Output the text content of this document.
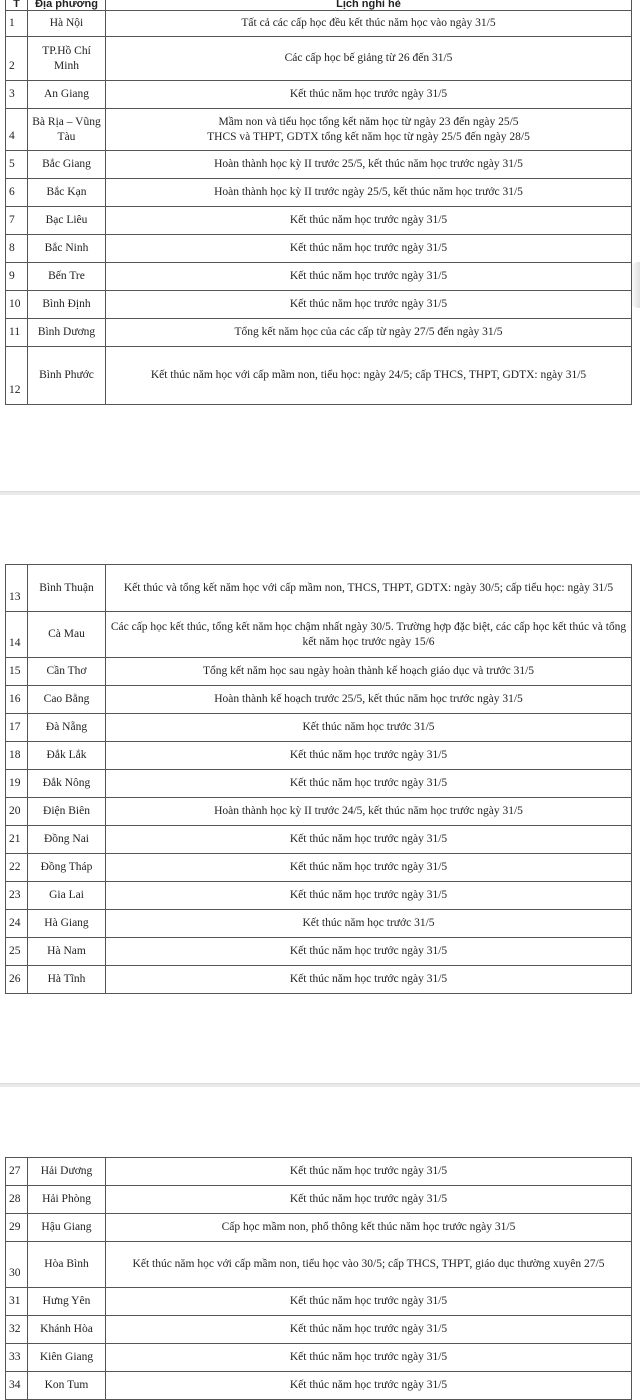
T	Địa phương	Lịch nghỉ hè
1	Hà Nội	Tất cả các cấp học đều kết thúc năm học vào ngày 31/5
2	TP.Hồ Chí Minh	Các cấp học bế giảng từ 26 đến 31/5
3	An Giang	Kết thúc năm học trước ngày 31/5
4	Bà Rịa – Vũng Tàu	Mầm non và tiểu học tổng kết năm học từ ngày 23 đến ngày 25/5
THCS và THPT, GDTX tổng kết năm học từ ngày 25/5 đến ngày 28/5
5	Bắc Giang	Hoàn thành học kỳ II trước 25/5, kết thúc năm học trước ngày 31/5
6	Bắc Kạn	Hoàn thành học kỳ II trước ngày 25/5, kết thúc năm học trước 31/5
7	Bạc Liêu	Kết thúc năm học trước ngày 31/5
8	Bắc Ninh	Kết thúc năm học trước ngày 31/5
9	Bến Tre	Kết thúc năm học trước ngày 31/5
10	Bình Định	Kết thúc năm học trước ngày 31/5
11	Bình Dương	Tổng kết năm học của các cấp từ ngày 27/5 đến ngày 31/5
12	Bình Phước	Kết thúc năm học với cấp mầm non, tiểu học: ngày 24/5; cấp THCS, THPT, GDTX: ngày 31/5
13	Bình Thuận	Kết thúc và tổng kết năm học với cấp mầm non, THCS, THPT, GDTX: ngày 30/5; cấp tiểu học: ngày 31/5
14	Cà Mau	Các cấp học kết thúc, tổng kết năm học chậm nhất ngày 30/5. Trường hợp đặc biệt, các cấp học kết thúc và tổng kết năm học trước ngày 15/6
15	Cần Thơ	Tổng kết năm học sau ngày hoàn thành kế hoạch giáo dục và trước 31/5
16	Cao Bằng	Hoàn thành kế hoạch trước 25/5, kết thúc năm học trước ngày 31/5
17	Đà Nẵng	Kết thúc năm học trước 31/5
18	Đắk Lắk	Kết thúc năm học trước ngày 31/5
19	Đắk Nông	Kết thúc năm học trước ngày 31/5
20	Điện Biên	Hoàn thành học kỳ II trước 24/5, kết thúc năm học trước ngày 31/5
21	Đồng Nai	Kết thúc năm học trước ngày 31/5
22	Đồng Tháp	Kết thúc năm học trước ngày 31/5
23	Gia Lai	Kết thúc năm học trước ngày 31/5
24	Hà Giang	Kết thúc năm học trước 31/5
25	Hà Nam	Kết thúc năm học trước ngày 31/5
26	Hà Tĩnh	Kết thúc năm học trước ngày 31/5
27	Hải Dương	Kết thúc năm học trước ngày 31/5
28	Hải Phòng	Kết thúc năm học trước ngày 31/5
29	Hậu Giang	Cấp học mầm non, phổ thông kết thúc năm học trước ngày 31/5
30	Hòa Bình	Kết thúc năm học với cấp mầm non, tiểu học vào 30/5; cấp THCS, THPT, giáo dục thường xuyên 27/5
31	Hưng Yên	Kết thúc năm học trước ngày 31/5
32	Khánh Hòa	Kết thúc năm học trước ngày 31/5
33	Kiên Giang	Kết thúc năm học trước ngày 31/5
34	Kon Tum	Kết thúc năm học trước ngày 31/5
